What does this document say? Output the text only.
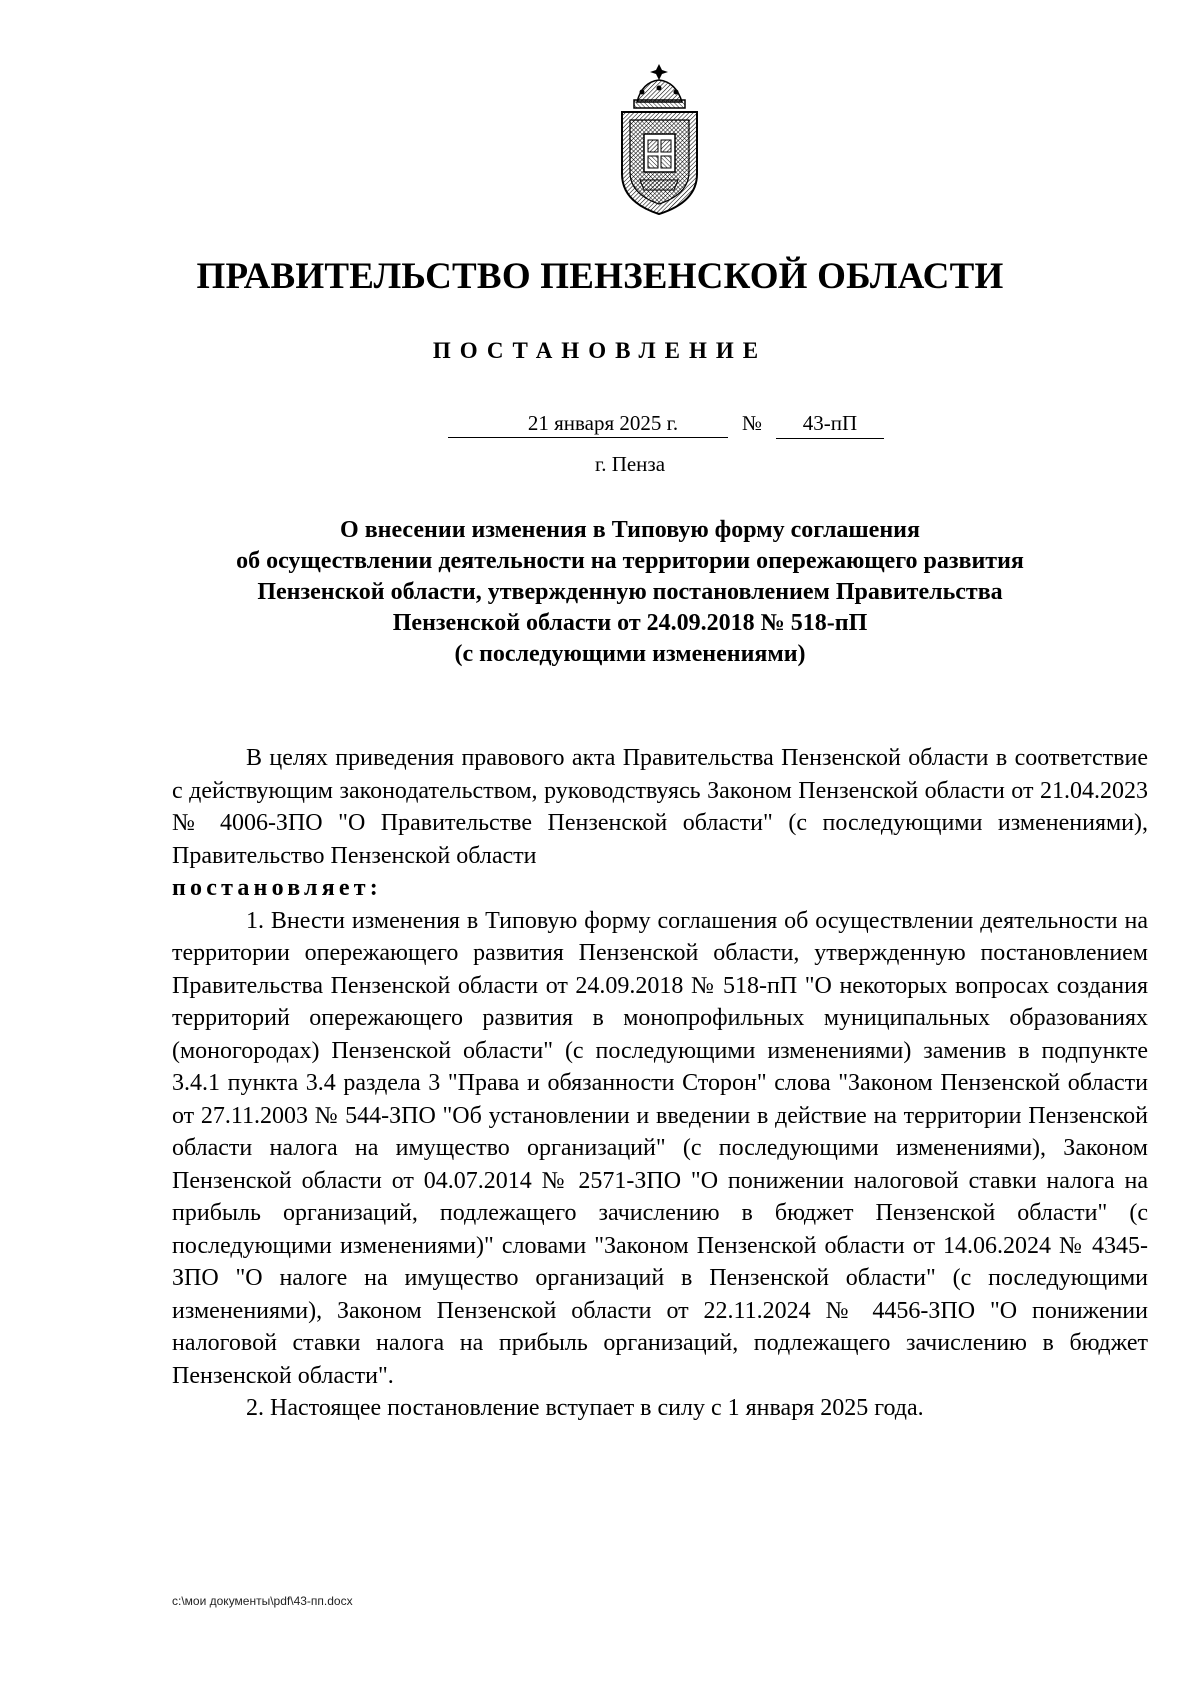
ПРАВИТЕЛЬСТВО ПЕНЗЕНСКОЙ ОБЛАСТИ
ПОСТАНОВЛЕНИЕ
21 января 2025 г.	№	43-пП
г. Пенза
О внесении изменения в Типовую форму соглашения
об осуществлении деятельности на территории опережающего развития
Пензенской области, утвержденную постановлением Правительства
Пензенской области от 24.09.2018 № 518-пП
(с последующими изменениями)

В целях приведения правового акта Правительства Пензенской области в соответствие с действующим законодательством, руководствуясь Законом Пензенской области от 21.04.2023 № 4006-ЗПО "О Правительстве Пензенской области" (с последующими изменениями), Правительство Пензенской области

постановляет:

1. Внести изменения в Типовую форму соглашения об осуществлении деятельности на территории опережающего развития Пензенской области, утвержденную постановлением Правительства Пензенской области от 24.09.2018 № 518-пП "О некоторых вопросах создания территорий опережающего развития в монопрофильных муниципальных образованиях (моногородах) Пензенской области" (с последующими изменениями) заменив в подпункте 3.4.1 пункта 3.4 раздела 3 "Права и обязанности Сторон" слова "Законом Пензенской области от 27.11.2003 № 544-ЗПО "Об установлении и введении в действие на территории Пензенской области налога на имущество организаций" (с последующими изменениями), Законом Пензенской области от 04.07.2014 № 2571-ЗПО "О понижении налоговой ставки налога на прибыль организаций, подлежащего зачислению в бюджет Пензенской области" (с последующими изменениями)" словами "Законом Пензенской области от 14.06.2024 № 4345-ЗПО "О налоге на имущество организаций в Пензенской области" (с последующими изменениями), Законом Пензенской области от 22.11.2024 № 4456-ЗПО "О понижении налоговой ставки налога на прибыль организаций, подлежащего зачислению в бюджет Пензенской области".

2. Настоящее постановление вступает в силу с 1 января 2025 года.

c:\мои документы\pdf\43-пп.docx
